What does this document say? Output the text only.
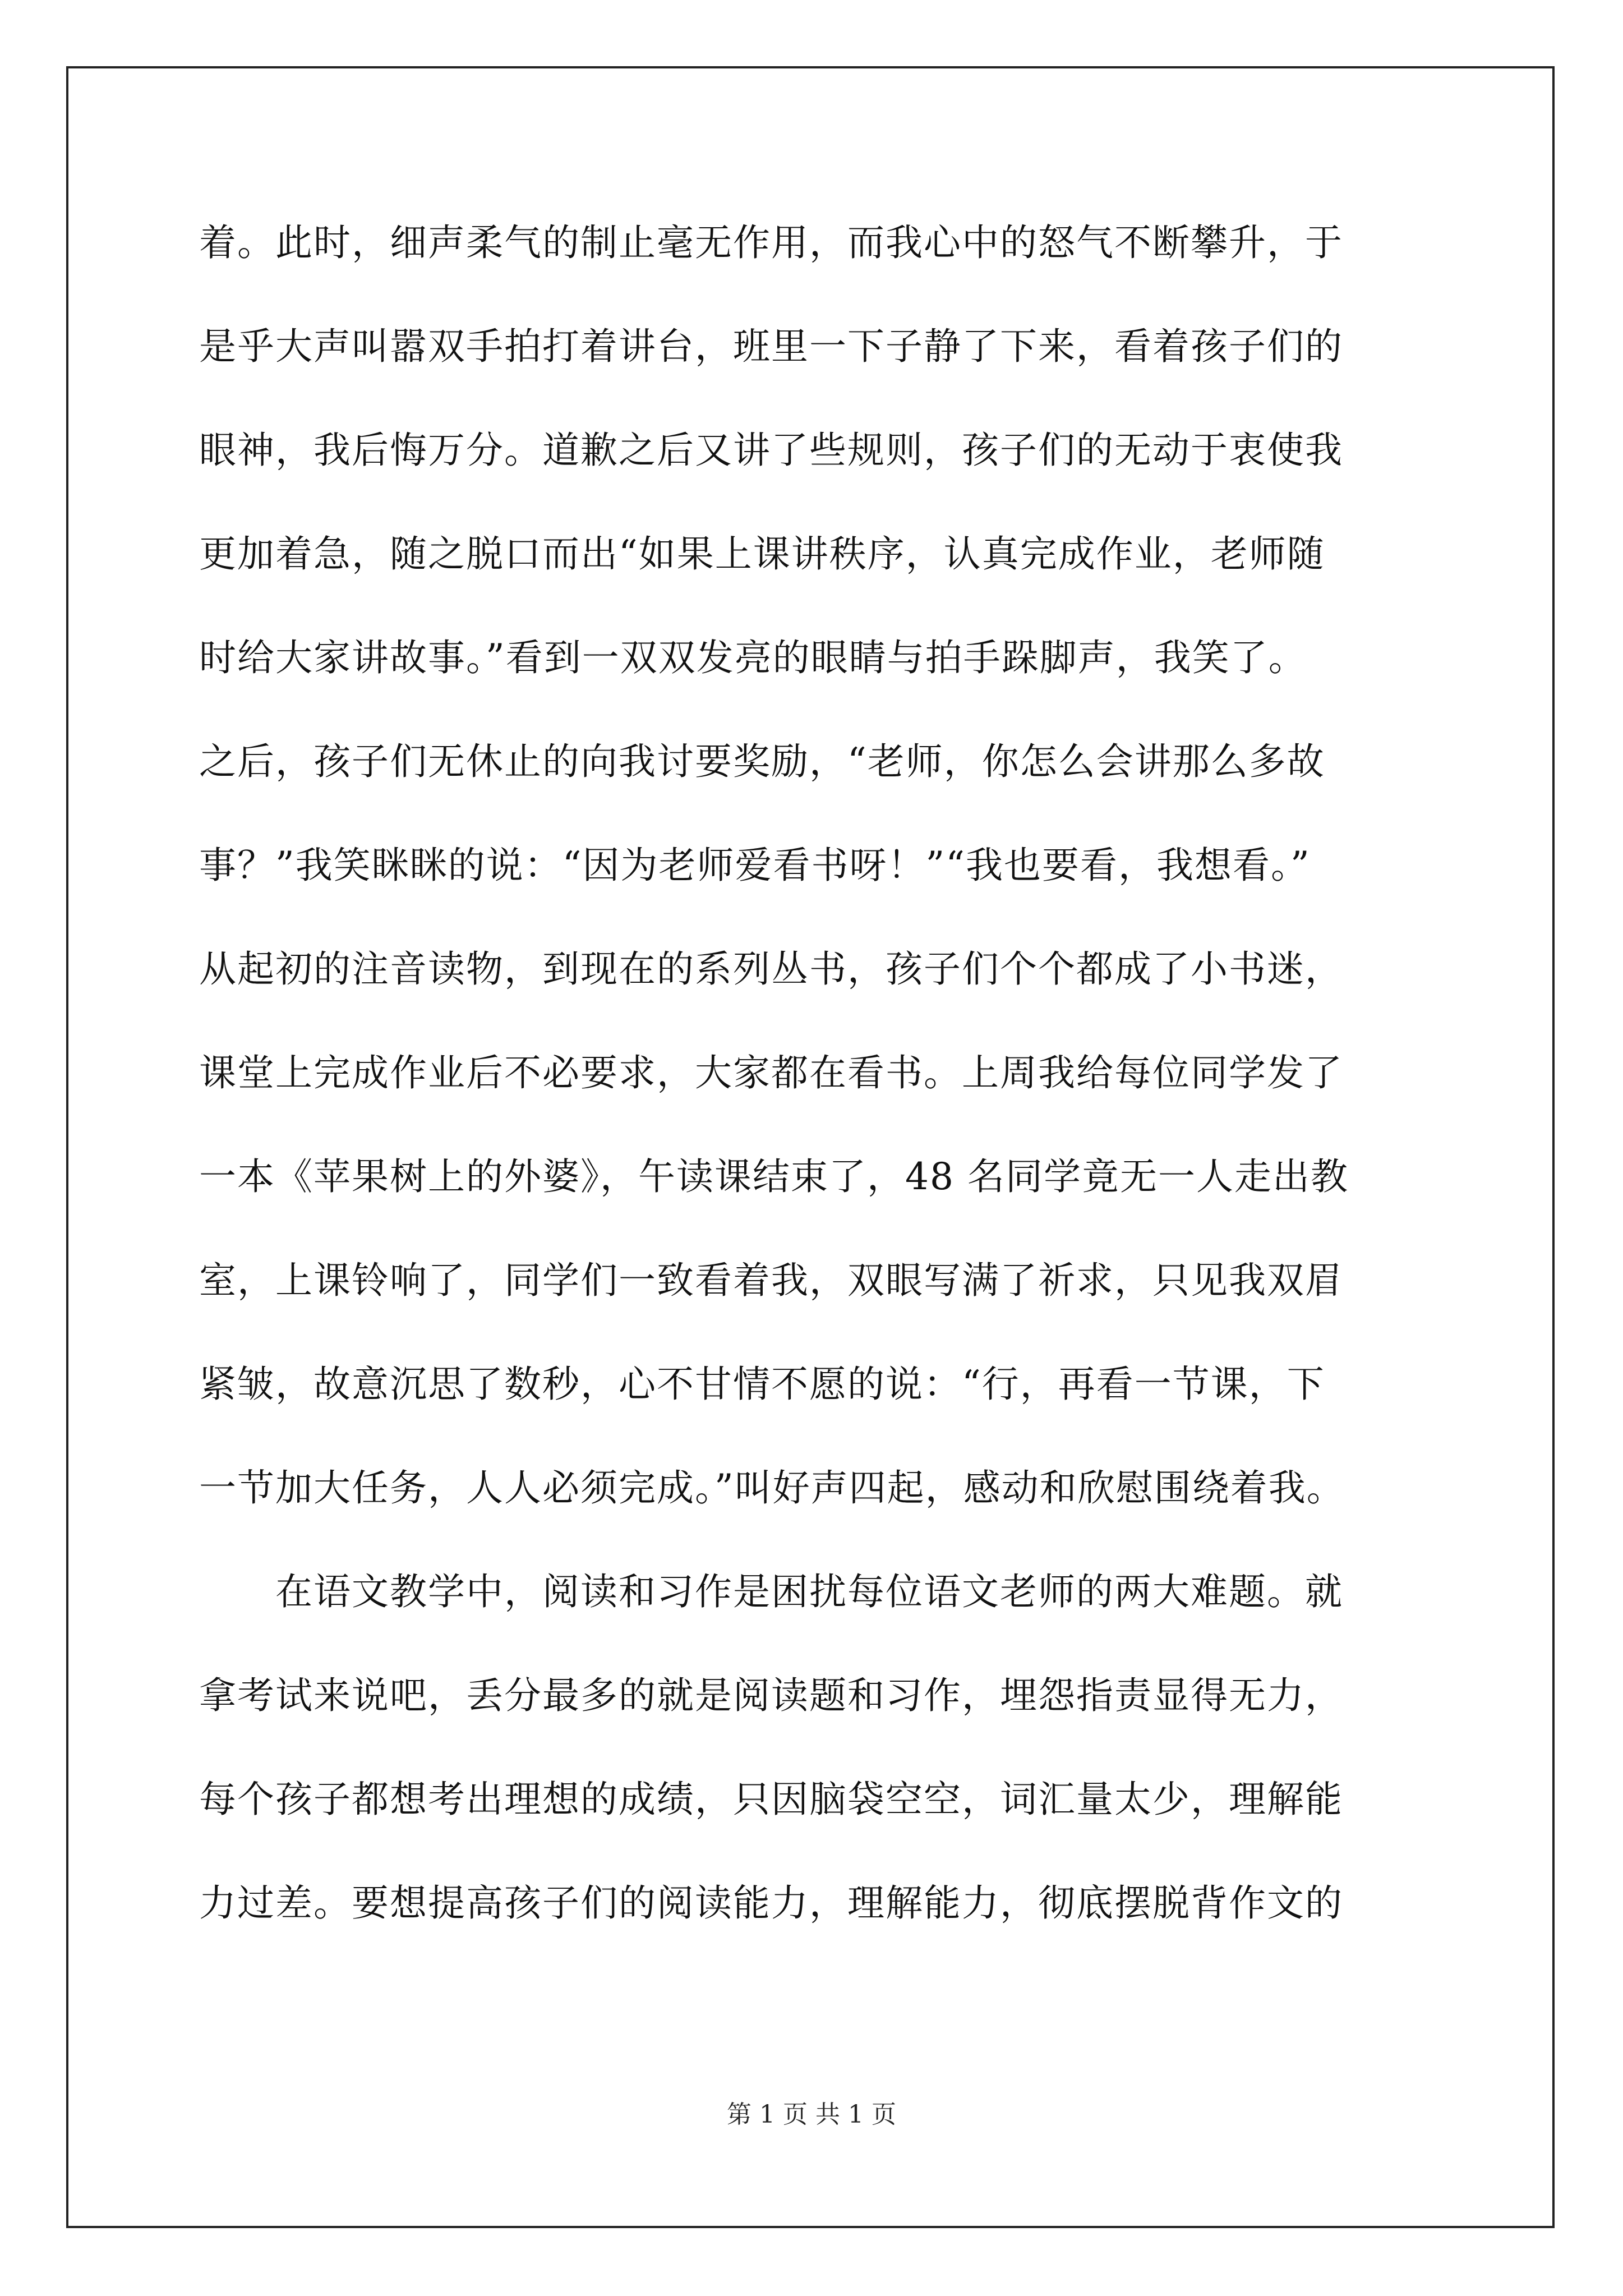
着。此时，细声柔气的制止毫无作用，而我心中的怒气不断攀升，于
是乎大声叫嚣双手拍打着讲台，班里一下子静了下来，看着孩子们的
眼神，我后悔万分。道歉之后又讲了些规则，孩子们的无动于衷使我
更加着急，随之脱口而出“如果上课讲秩序，认真完成作业，老师随
时给大家讲故事。”看到一双双发亮的眼睛与拍手跺脚声，我笑了。
之后，孩子们无休止的向我讨要奖励，“老师，你怎么会讲那么多故
事？”我笑眯眯的说：“因为老师爱看书呀！”“我也要看，我想看。”
从起初的注音读物，到现在的系列丛书，孩子们个个都成了小书迷，
课堂上完成作业后不必要求，大家都在看书。上周我给每位同学发了
一本《苹果树上的外婆》，午读课结束了，48 名同学竟无一人走出教
室，上课铃响了，同学们一致看着我，双眼写满了祈求，只见我双眉
紧皱，故意沉思了数秒，心不甘情不愿的说：“行，再看一节课，下
一节加大任务，人人必须完成。”叫好声四起，感动和欣慰围绕着我。
在语文教学中，阅读和习作是困扰每位语文老师的两大难题。就
拿考试来说吧，丢分最多的就是阅读题和习作，埋怨指责显得无力，
每个孩子都想考出理想的成绩，只因脑袋空空，词汇量太少，理解能
力过差。要想提高孩子们的阅读能力，理解能力，彻底摆脱背作文的
第 1 页 共 1 页
